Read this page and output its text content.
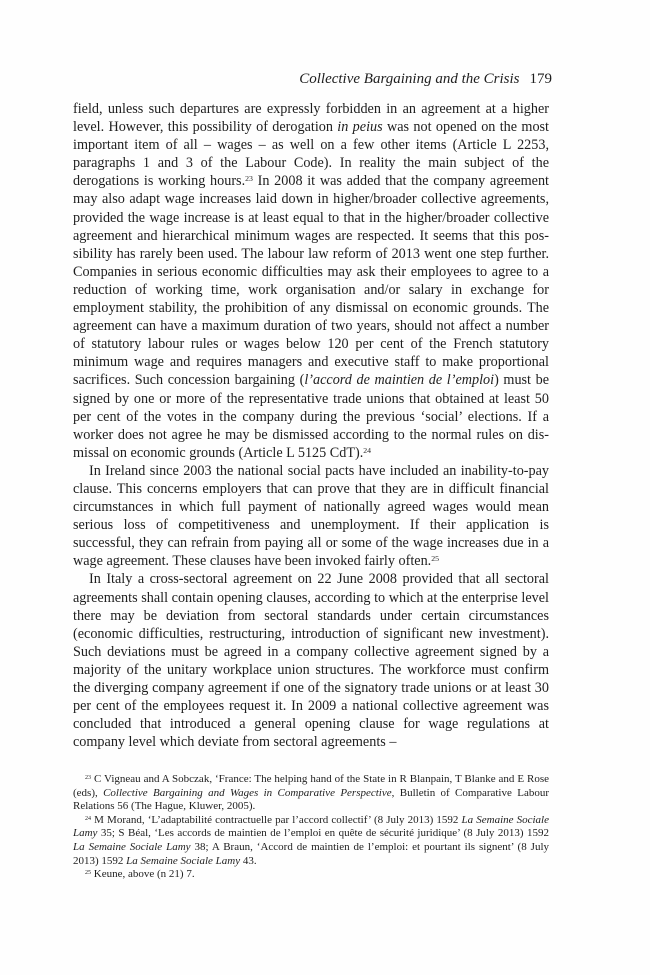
Collective Bargaining and the Crisis 179

field, unless such departures are expressly forbidden in an agreement at a higher level. However, this possibility of derogation in peius was not opened on the most important item of all – wages – as well on a few other items (Article L 2253, paragraphs 1 and 3 of the Labour Code). In reality the main subject of the derogations is working hours.$^{23}$ In 2008 it was added that the company agreement may also adapt wage increases laid down in higher/broader collective agreements, provided the wage increase is at least equal to that in the higher/broader collective agreement and hierarchical minimum wages are respected. It seems that this possibility has rarely been used. The labour law reform of 2013 went one step further. Companies in serious economic difficulties may ask their employees to agree to a reduction of working time, work organisation and/or salary in exchange for employment stability, the prohibition of any dismissal on economic grounds. The agreement can have a maximum duration of two years, should not affect a number of statutory labour rules or wages below 120 per cent of the French statutory minimum wage and requires managers and executive staff to make proportional sacrifices. Such concession bargaining (l’accord de maintien de l’emploi) must be signed by one or more of the representative trade unions that obtained at least 50 per cent of the votes in the company during the previous ‘social’ elections. If a worker does not agree he may be dismissed according to the normal rules on dismissal on economic grounds (Article L 5125 CdT).$^{24}$

In Ireland since 2003 the national social pacts have included an inability-to-pay clause. This concerns employers that can prove that they are in difficult financial circumstances in which full payment of nationally agreed wages would mean serious loss of competitiveness and unemployment. If their application is successful, they can refrain from paying all or some of the wage increases due in a wage agreement. These clauses have been invoked fairly often.$^{25}$

In Italy a cross-sectoral agreement on 22 June 2008 provided that all sectoral agreements shall contain opening clauses, according to which at the enterprise level there may be deviation from sectoral standards under certain circumstances (economic difficulties, restructuring, introduction of significant new investment). Such deviations must be agreed in a company collective agreement signed by a majority of the unitary workplace union structures. The workforce must confirm the diverging company agreement if one of the signatory trade unions or at least 30 per cent of the employees request it. In 2009 a national collective agreement was concluded that introduced a general opening clause for wage regulations at company level which deviate from sectoral agreements –

$^{23}$ C Vigneau and A Sobczak, ‘France: The helping hand of the State in R Blanpain, T Blanke and E Rose (eds), Collective Bargaining and Wages in Comparative Perspective, Bulletin of Comparative Labour Relations 56 (The Hague, Kluwer, 2005).

$^{24}$ M Morand, ‘L’adaptabilité contractuelle par l’accord collectif’ (8 July 2013) 1592 La Semaine Sociale Lamy 35; S Béal, ‘Les accords de maintien de l’emploi en quête de sécurité juridique’ (8 July 2013) 1592 La Semaine Sociale Lamy 38; A Braun, ‘Accord de maintien de l’emploi: et pourtant ils signent’ (8 July 2013) 1592 La Semaine Sociale Lamy 43.

$^{25}$ Keune, above (n 21) 7.
